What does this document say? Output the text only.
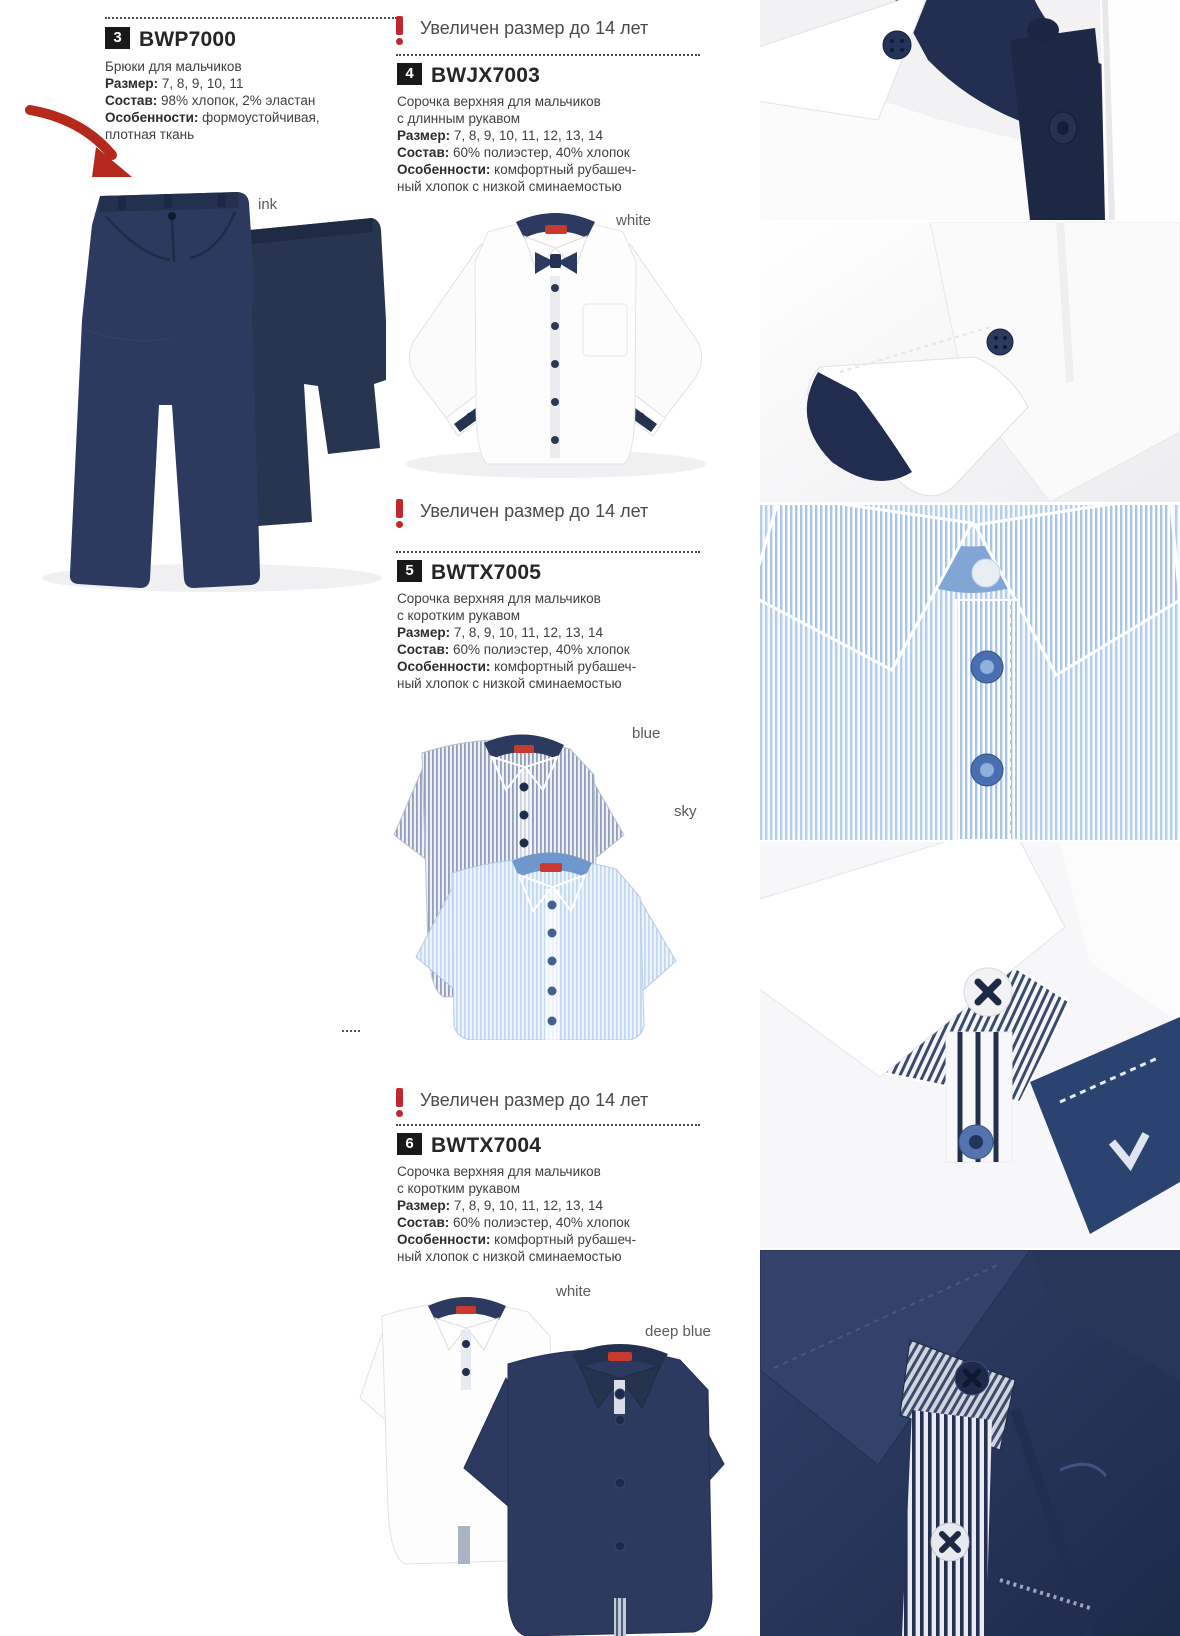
3 BWP7000
Брюки для мальчиков
Размер: 7, 8, 9, 10, 11
Состав: 98% хлопок, 2% эластан
Особенности: формоустойчивая,
плотная ткань
ink
Увеличен размер до 14 лет
4 BWJX7003
Сорочка верхняя для мальчиков
с длинным рукавом
Размер: 7, 8, 9, 10, 11, 12, 13, 14
Состав: 60% полиэстер, 40% хлопок
Особенности: комфортный рубашеч-
ный хлопок с низкой сминаемостью
white
Увеличен размер до 14 лет
5 BWTX7005
Сорочка верхняя для мальчиков
с коротким рукавом
Размер: 7, 8, 9, 10, 11, 12, 13, 14
Состав: 60% полиэстер, 40% хлопок
Особенности: комфортный рубашеч-
ный хлопок с низкой сминаемостью
blue
sky
Увеличен размер до 14 лет
6 BWTX7004
Сорочка верхняя для мальчиков
с коротким рукавом
Размер: 7, 8, 9, 10, 11, 12, 13, 14
Состав: 60% полиэстер, 40% хлопок
Особенности: комфортный рубашеч-
ный хлопок с низкой сминаемостью
white
deep blue
